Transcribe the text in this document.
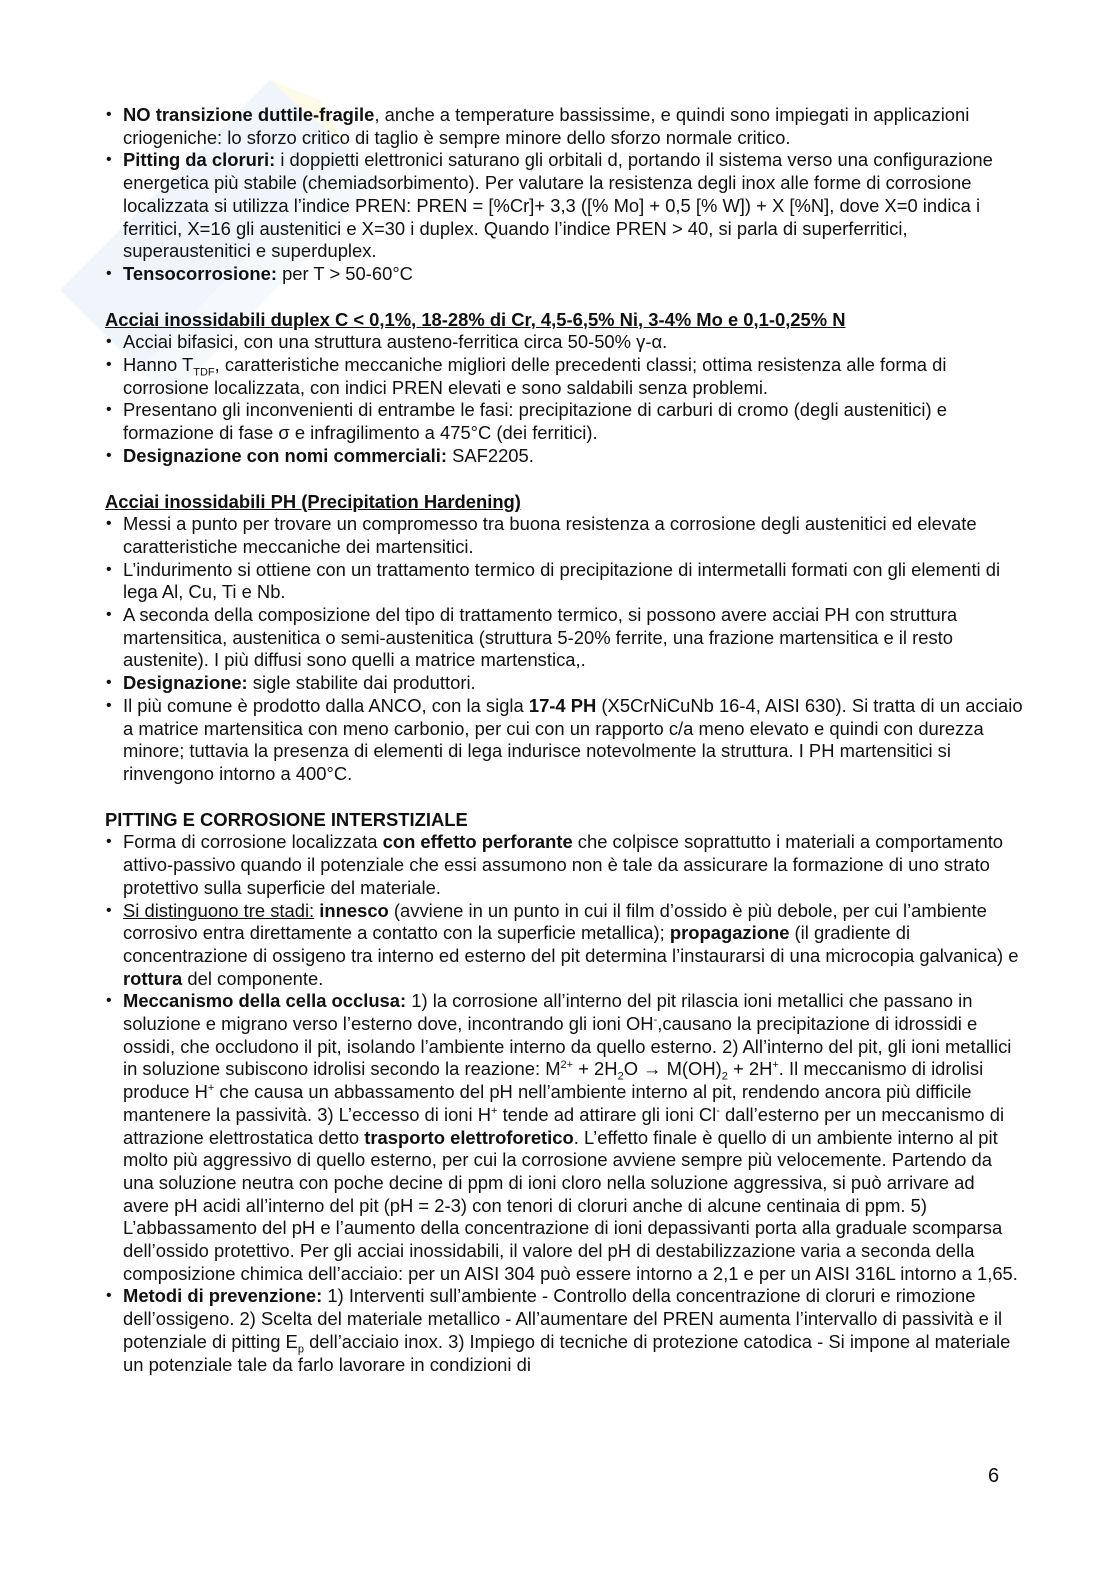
• NO transizione duttile-fragile, anche a temperature bassissime, e quindi sono impiegati in applicazioni criogeniche: lo sforzo critico di taglio è sempre minore dello sforzo normale critico.
• Pitting da cloruri: i doppietti elettronici saturano gli orbitali d, portando il sistema verso una configurazione energetica più stabile (chemiadsorbimento). Per valutare la resistenza degli inox alle forme di corrosione localizzata si utilizza l’indice PREN: PREN = [%Cr]+ 3,3 ([% Mo] + 0,5 [% W]) + X [%N], dove X=0 indica i ferritici, X=16 gli austenitici e X=30 i duplex. Quando l’indice PREN > 40, si parla di superferritici, superaustenitici e superduplex.
• Tensocorrosione: per T > 50-60°C
Acciai inossidabili duplex C < 0,1%, 18-28% di Cr, 4,5-6,5% Ni, 3-4% Mo e 0,1-0,25% N
• Acciai bifasici, con una struttura austeno-ferritica circa 50-50% γ-α.
• Hanno $T_{TDF}$, caratteristiche meccaniche migliori delle precedenti classi; ottima resistenza alle forma di corrosione localizzata, con indici PREN elevati e sono saldabili senza problemi.
• Presentano gli inconvenienti di entrambe le fasi: precipitazione di carburi di cromo (degli austenitici) e formazione di fase σ e infragilimento a 475°C (dei ferritici).
• Designazione con nomi commerciali: SAF2205.
Acciai inossidabili PH (Precipitation Hardening)
• Messi a punto per trovare un compromesso tra buona resistenza a corrosione degli austenitici ed elevate caratteristiche meccaniche dei martensitici.
• L’indurimento si ottiene con un trattamento termico di precipitazione di intermetalli formati con gli elementi di lega Al, Cu, Ti e Nb.
• A seconda della composizione del tipo di trattamento termico, si possono avere acciai PH con struttura martensitica, austenitica o semi-austenitica (struttura 5-20% ferrite, una frazione martensitica e il resto austenite). I più diffusi sono quelli a matrice martenstica,.
• Designazione: sigle stabilite dai produttori.
• Il più comune è prodotto dalla ANCO, con la sigla 17-4 PH (X5CrNiCuNb 16-4, AISI 630). Si tratta di un acciaio a matrice martensitica con meno carbonio, per cui con un rapporto c/a meno elevato e quindi con durezza minore; tuttavia la presenza di elementi di lega indurisce notevolmente la struttura. I PH martensitici si rinvengono intorno a 400°C.
PITTING E CORROSIONE INTERSTIZIALE
• Forma di corrosione localizzata con effetto perforante che colpisce soprattutto i materiali a comportamento attivo-passivo quando il potenziale che essi assumono non è tale da assicurare la formazione di uno strato protettivo sulla superficie del materiale.
• Si distinguono tre stadi: innesco (avviene in un punto in cui il film d’ossido è più debole, per cui l’ambiente corrosivo entra direttamente a contatto con la superficie metallica); propagazione (il gradiente di concentrazione di ossigeno tra interno ed esterno del pit determina l’instaurarsi di una microcopia galvanica) e rottura del componente.
• Meccanismo della cella occlusa: 1) la corrosione all’interno del pit rilascia ioni metallici che passano in soluzione e migrano verso l’esterno dove, incontrando gli ioni OH-,causano la precipitazione di idrossidi e ossidi, che occludono il pit, isolando l’ambiente interno da quello esterno. 2) All’interno del pit, gli ioni metallici in soluzione subiscono idrolisi secondo la reazione: $M^{2+} + 2H_2O \to M(OH)_2 + 2H^+$. Il meccanismo di idrolisi produce H+ che causa un abbassamento del pH nell’ambiente interno al pit, rendendo ancora più difficile mantenere la passività. 3) L’eccesso di ioni H+ tende ad attirare gli ioni Cl- dall’esterno per un meccanismo di attrazione elettrostatica detto trasporto elettroforetico. L’effetto finale è quello di un ambiente interno al pit molto più aggressivo di quello esterno, per cui la corrosione avviene sempre più velocemente. Partendo da una soluzione neutra con poche decine di ppm di ioni cloro nella soluzione aggressiva, si può arrivare ad avere pH acidi all’interno del pit (pH = 2-3) con tenori di cloruri anche di alcune centinaia di ppm. 5) L’abbassamento del pH e l’aumento della concentrazione di ioni depassivanti porta alla graduale scomparsa dell’ossido protettivo. Per gli acciai inossidabili, il valore del pH di destabilizzazione varia a seconda della composizione chimica dell’acciaio: per un AISI 304 può essere intorno a 2,1 e per un AISI 316L intorno a 1,65.
• Metodi di prevenzione: 1) Interventi sull’ambiente - Controllo della concentrazione di cloruri e rimozione dell’ossigeno. 2) Scelta del materiale metallico - All’aumentare del PREN aumenta l’intervallo di passività e il potenziale di pitting $E_p$ dell’acciaio inox. 3) Impiego di tecniche di protezione catodica - Si impone al materiale un potenziale tale da farlo lavorare in condizioni di
6
